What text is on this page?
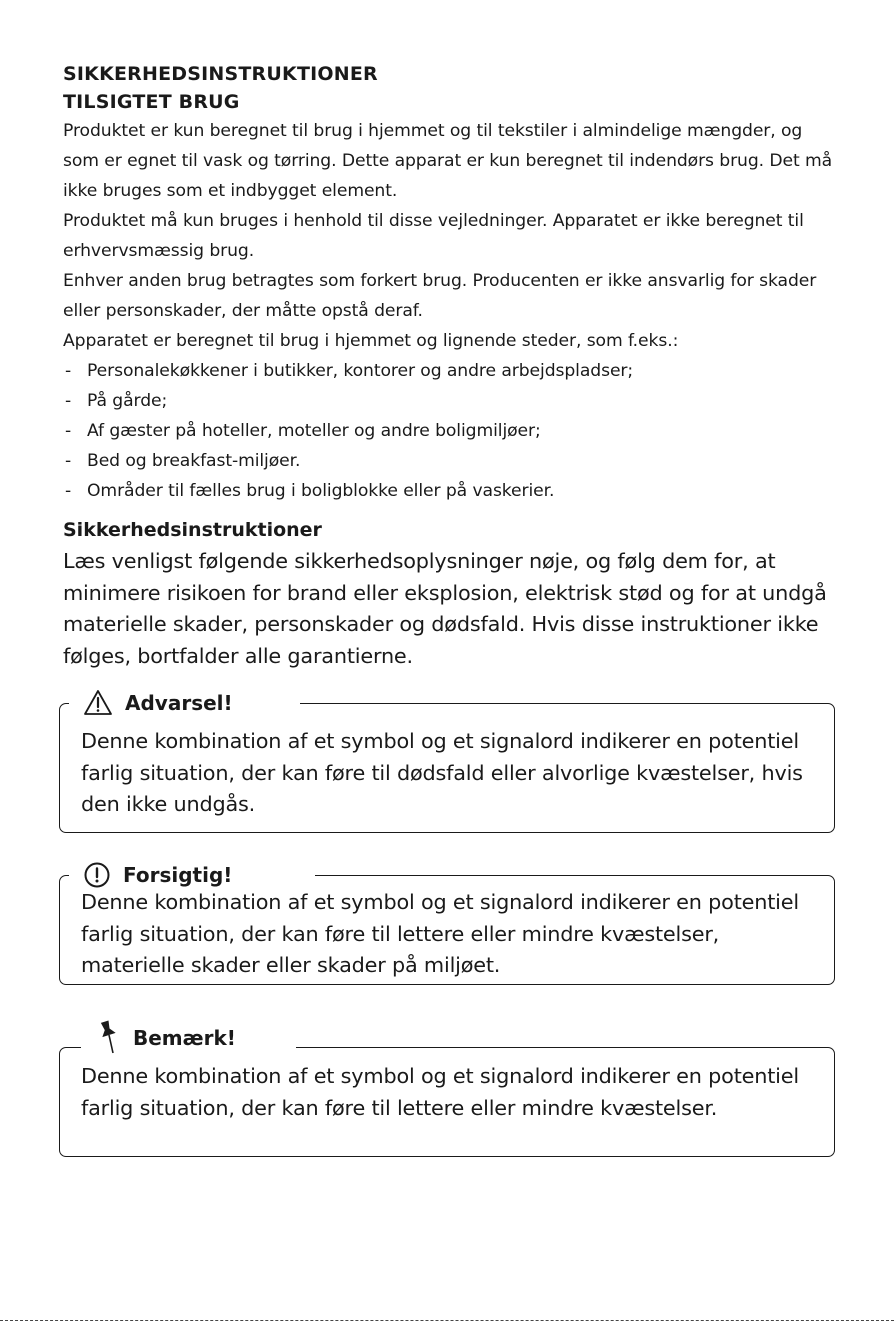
SIKKERHEDSINSTRUKTIONER
TILSIGTET BRUG

Produktet er kun beregnet til brug i hjemmet og til tekstiler i almindelige mængder, og som er egnet til vask og tørring. Dette apparat er kun beregnet til indendørs brug. Det må ikke bruges som et indbygget element.

Produktet må kun bruges i henhold til disse vejledninger. Apparatet er ikke beregnet til erhvervsmæssig brug.

Enhver anden brug betragtes som forkert brug. Producenten er ikke ansvarlig for skader eller personskader, der måtte opstå deraf.

Apparatet er beregnet til brug i hjemmet og lignende steder, som f.eks.:

- Personalekøkkener i butikker, kontorer og andre arbejdspladser;
- På gårde;
- Af gæster på hoteller, moteller og andre boligmiljøer;
- Bed og breakfast-miljøer.
- Områder til fælles brug i boligblokke eller på vaskerier.
Sikkerhedsinstruktioner

Læs venligst følgende sikkerhedsoplysninger nøje, og følg dem for, at minimere risikoen for brand eller eksplosion, elektrisk stød og for at undgå materielle skader, personskader og dødsfald. Hvis disse instruktioner ikke følges, bortfalder alle garantierne.

Advarsel!
Denne kombination af et symbol og et signalord indikerer en potentiel farlig situation, der kan føre til dødsfald eller alvorlige kvæstelser, hvis den ikke undgås.
Forsigtig!
Denne kombination af et symbol og et signalord indikerer en potentiel farlig situation, der kan føre til lettere eller mindre kvæstelser, materielle skader eller skader på miljøet.
Bemærk!
Denne kombination af et symbol og et signalord indikerer en potentiel farlig situation, der kan føre til lettere eller mindre kvæstelser.
